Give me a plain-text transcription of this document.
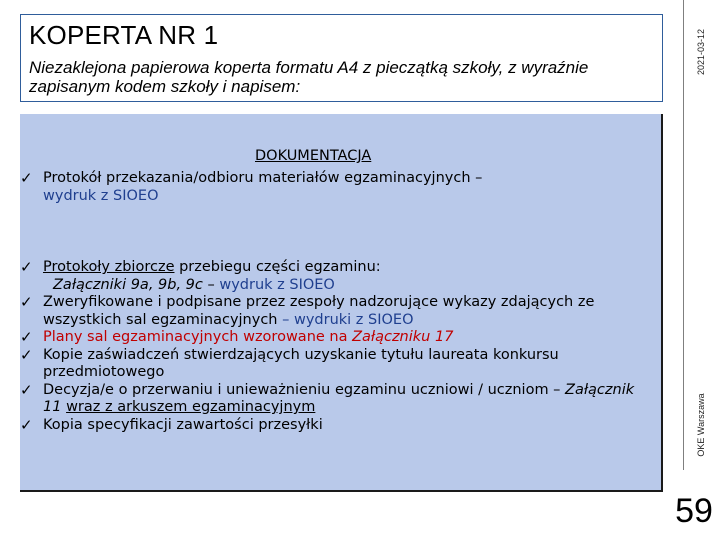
KOPERTA NR 1

Niezaklejona papierowa koperta formatu A4 z pieczątką szkoły, z wyraźnie zapisanym kodem szkoły i napisem:

2021-03-12
OKE Warszawa
DOKUMENTACJA
✓ Protokół przekazania/odbioru materiałów egzaminacyjnych –
wydruk z SIOEO
✓ Protokoły zbiorcze przebiegu części egzaminu:
Załączniki 9a, 9b, 9c – wydruk z SIOEO
✓ Zweryfikowane i podpisane przez zespoły nadzorujące wykazy zdających ze wszystkich sal egzaminacyjnych – wydruki z SIOEO
✓ Plany sal egzaminacyjnych wzorowane na Załączniku 17
✓ Kopie zaświadczeń stwierdzających uzyskanie tytułu laureata konkursu przedmiotowego
✓ Decyzja/e o przerwaniu i unieważnieniu egzaminu uczniowi / uczniom – Załącznik 11 wraz z arkuszem egzaminacyjnym
✓ Kopia specyfikacji zawartości przesyłki
59
